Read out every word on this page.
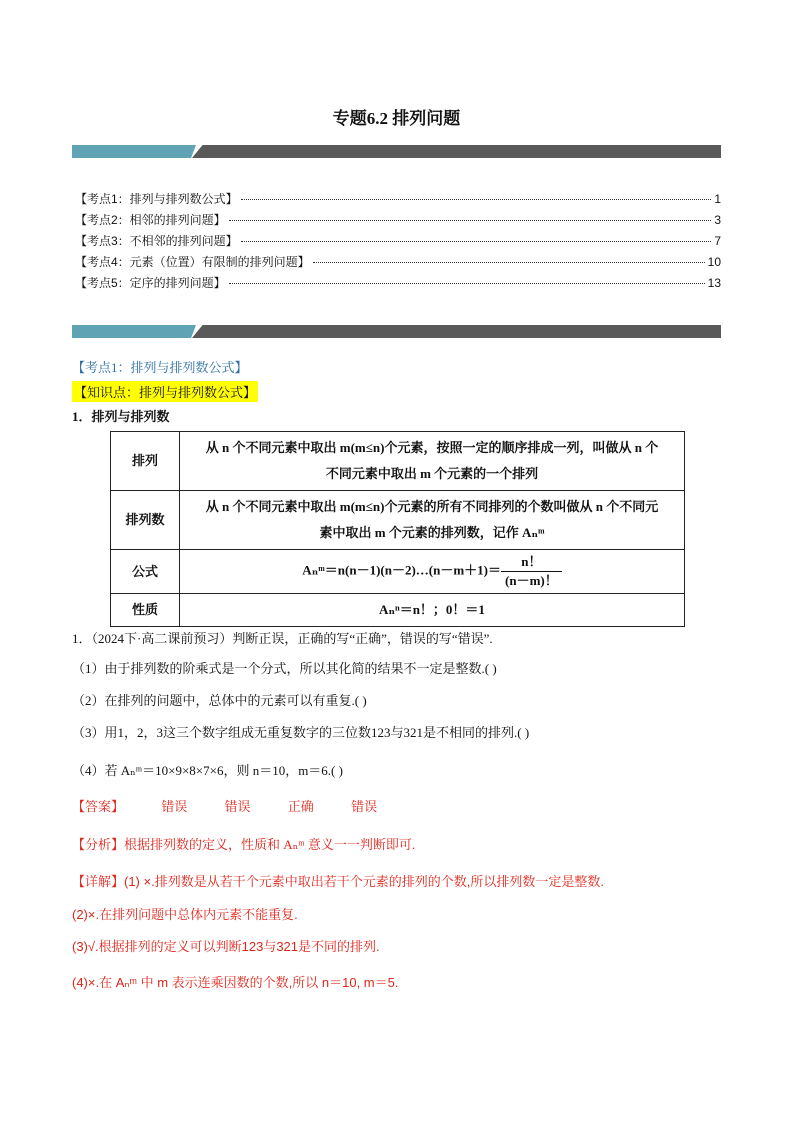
专题6.2 排列问题
【考点1：排列与排列数公式】	1
【考点2：相邻的排列问题】	3
【考点3：不相邻的排列问题】	7
【考点4：元素（位置）有限制的排列问题】	10
【考点5：定序的排列问题】	13
【考点1：排列与排列数公式】
【知识点：排列与排列数公式】
1．排列与排列数
排列	从 n 个不同元素中取出 m(m≤n)个元素，按照一定的顺序排成一列，叫做从 n 个
不同元素中取出 m 个元素的一个排列

排列数	从 n 个不同元素中取出 m(m≤n)个元素的所有不同排列的个数叫做从 n 个不同元
素中取出 m 个元素的排列数，记作 Aₙᵐ

公式	Aₙᵐ＝n(n－1)(n－2)…(n－m＋1)＝ $\frac{n!}{(n-m)!}$

性质	Aₙⁿ＝n！；0！＝1
1．（2024下·高二课前预习）判断正误，正确的写“正确”，错误的写“错误”.
（1）由于排列数的阶乘式是一个分式，所以其化简的结果不一定是整数.( )
（2）在排列的问题中，总体中的元素可以有重复.( )
（3）用1，2，3这三个数字组成无重复数字的三位数123与321是不相同的排列.( )
（4）若 Aₙᵐ＝10×9×8×7×6，则 n＝10，m＝6.( )
【答案】	错误	错误	正确	错误
【分析】根据排列数的定义，性质和 Aₙᵐ 意义一一判断即可.
【详解】(1) ×.排列数是从若干个元素中取出若干个元素的排列的个数,所以排列数一定是整数.
(2)×.在排列问题中总体内元素不能重复.
(3)√.根据排列的定义可以判断123与321是不同的排列.
(4)×.在 Aₙᵐ 中 m 表示连乘因数的个数,所以 n＝10, m＝5.
